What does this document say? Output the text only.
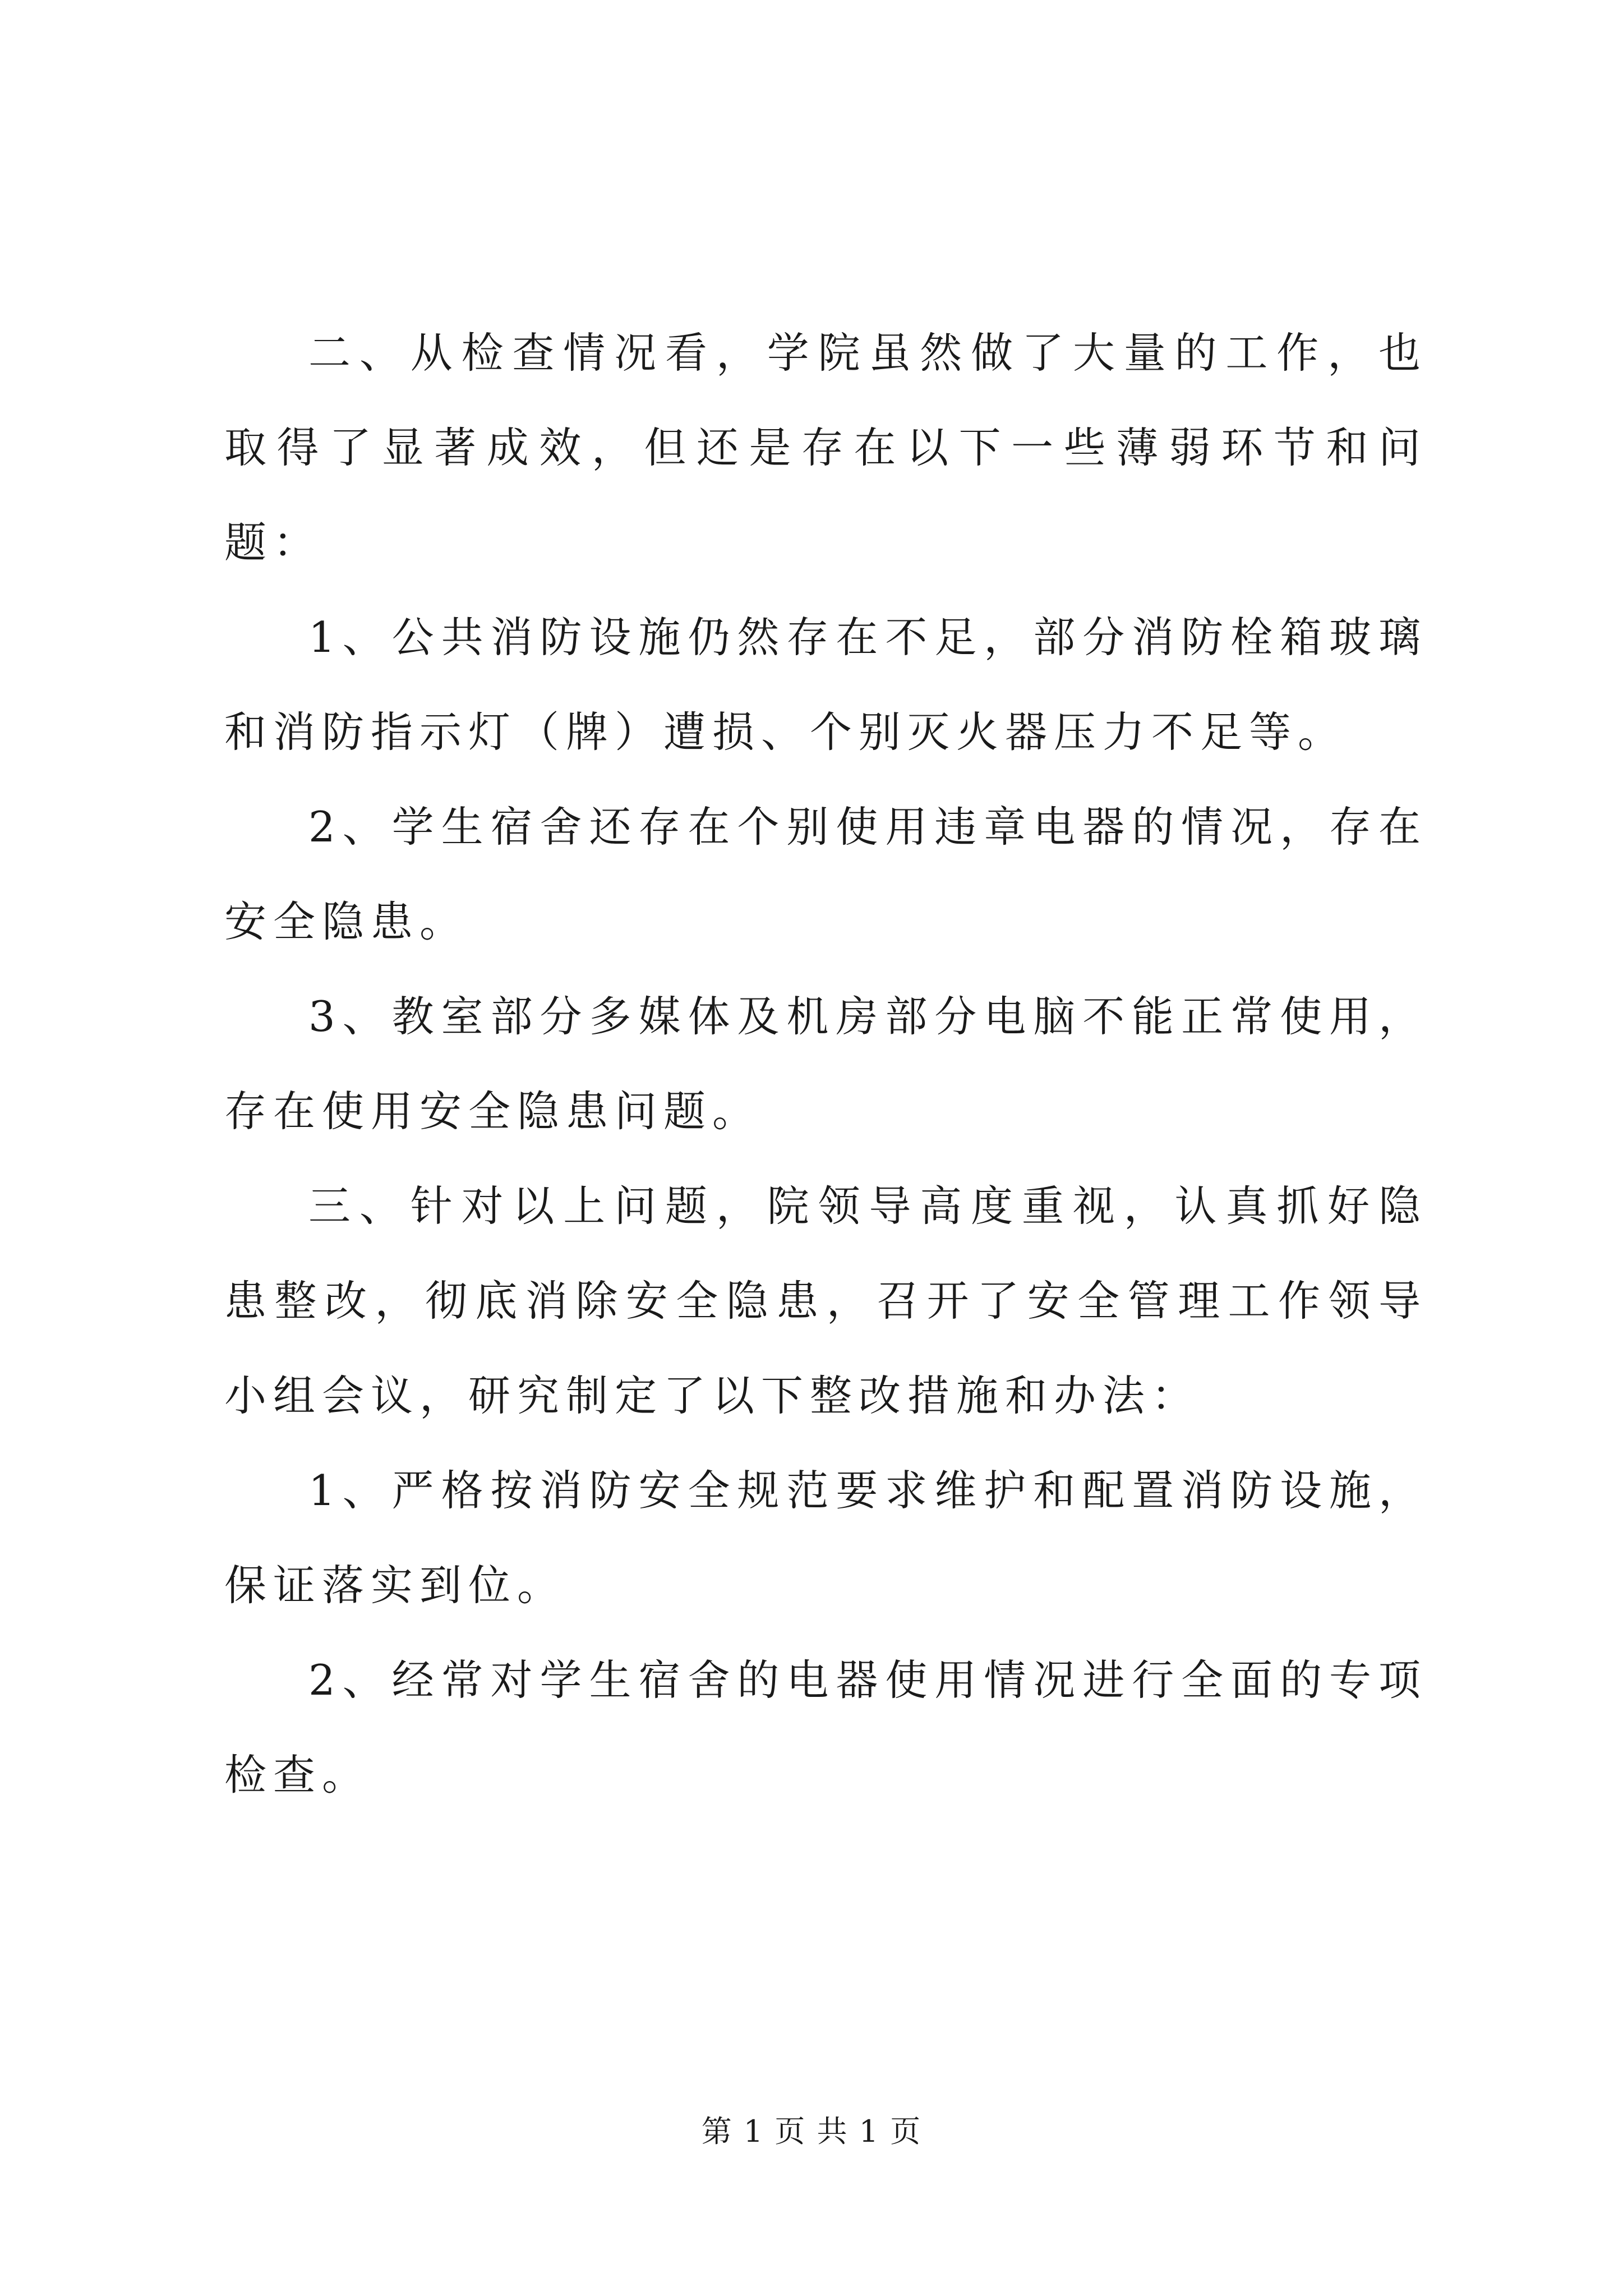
二、从检查情况看，学院虽然做了大量的工作，也取得了显著成效，但还是存在以下一些薄弱环节和问题：

1、公共消防设施仍然存在不足，部分消防栓箱玻璃和消防指示灯（牌）遭损、个别灭火器压力不足等。

2、学生宿舍还存在个别使用违章电器的情况，存在安全隐患。

3、教室部分多媒体及机房部分电脑不能正常使用，存在使用安全隐患问题。

三、针对以上问题，院领导高度重视，认真抓好隐患整改，彻底消除安全隐患，召开了安全管理工作领导小组会议，研究制定了以下整改措施和办法：

1、严格按消防安全规范要求维护和配置消防设施，保证落实到位。

2、经常对学生宿舍的电器使用情况进行全面的专项检查。

第 1 页 共 1 页
